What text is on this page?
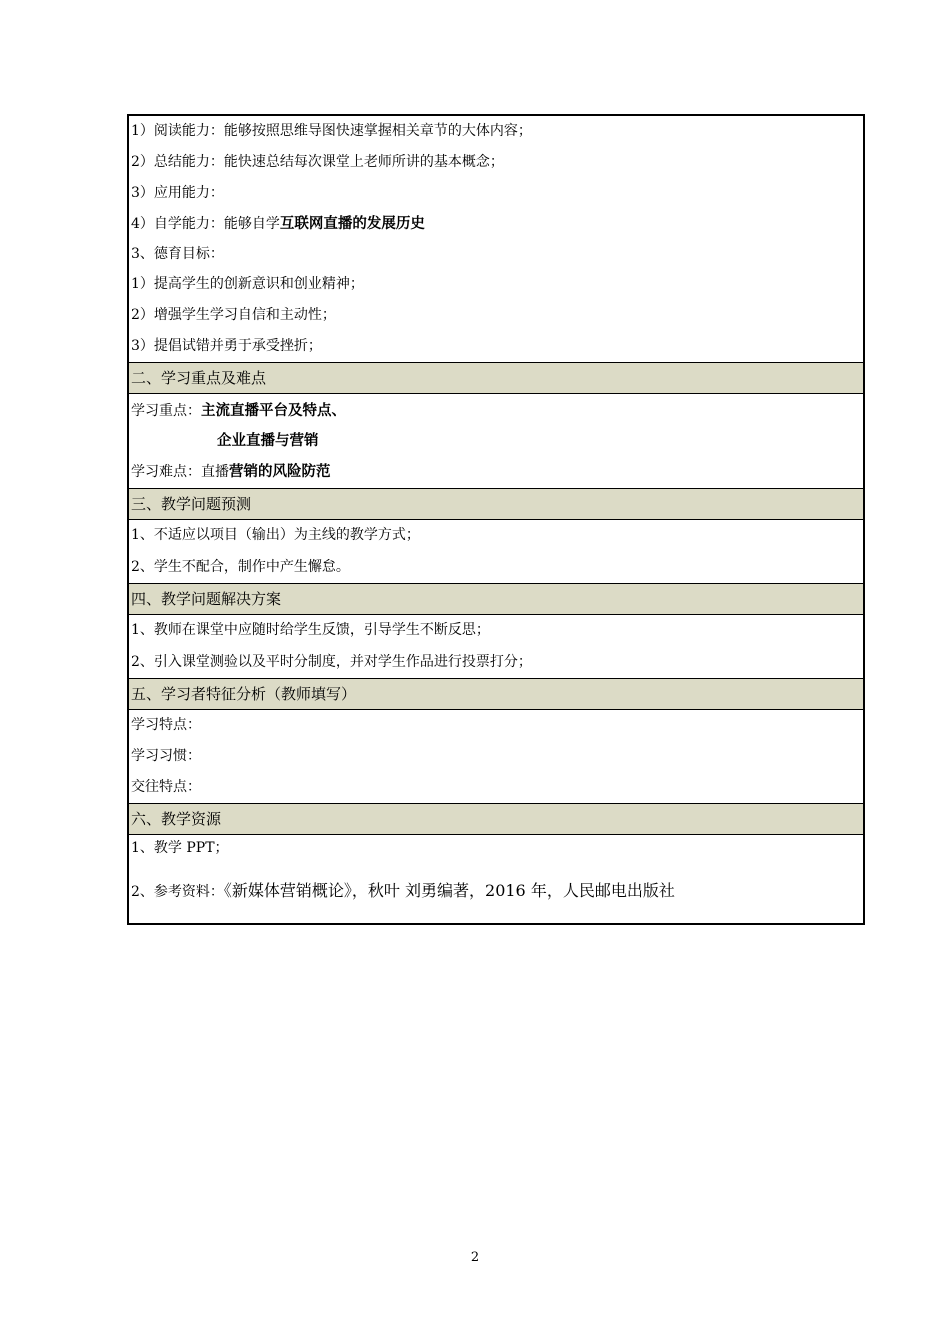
1）阅读能力：能够按照思维导图快速掌握相关章节的大体内容；
2）总结能力：能快速总结每次课堂上老师所讲的基本概念；
3）应用能力：
4）自学能力：能够自学互联网直播的发展历史
3、德育目标：
1）提高学生的创新意识和创业精神；
2）增强学生学习自信和主动性；
3）提倡试错并勇于承受挫折；
二、学习重点及难点
学习重点：主流直播平台及特点、
企业直播与营销
学习难点：直播营销的风险防范
三、教学问题预测
1、不适应以项目（输出）为主线的教学方式；
2、学生不配合，制作中产生懈怠。
四、教学问题解决方案
1、教师在课堂中应随时给学生反馈，引导学生不断反思；
2、引入课堂测验以及平时分制度，并对学生作品进行投票打分；
五、学习者特征分析（教师填写）
学习特点：
学习习惯：
交往特点：
六、教学资源
1、教学 PPT；
2、参考资料：《新媒体营销概论》，秋叶 刘勇编著，2016 年，人民邮电出版社
2
